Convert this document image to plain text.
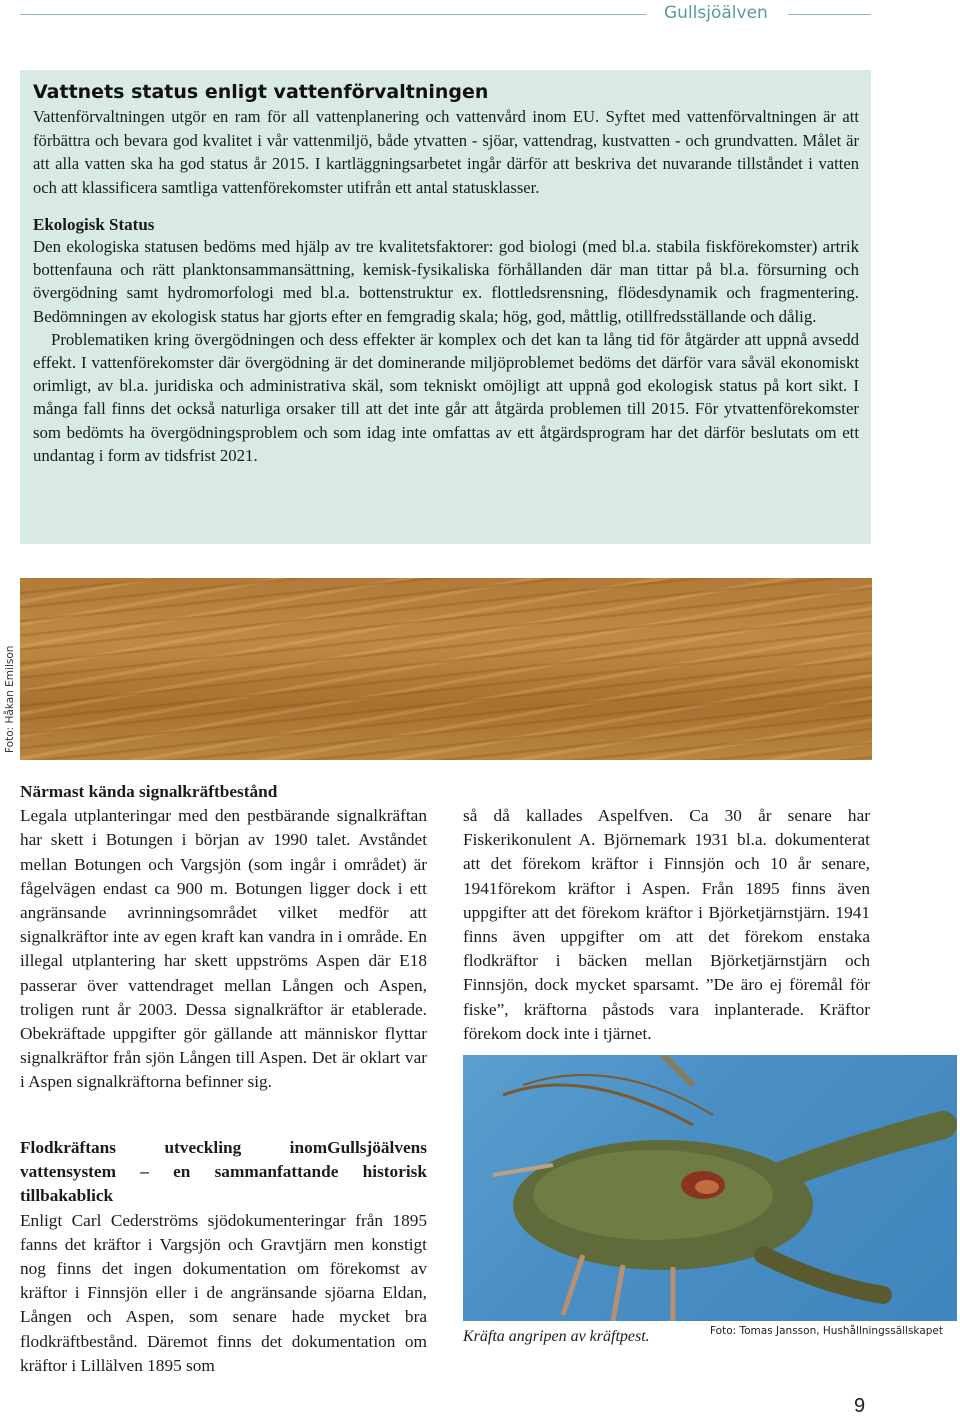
Gullsjöälven

Vattnets status enligt vattenförvaltningen

Vattenförvaltningen utgör en ram för all vattenplanering och vattenvård inom EU. Syftet med vattenförvaltningen är att förbättra och bevara god kvalitet i vår vattenmiljö, både ytvatten - sjöar, vattendrag, kustvatten - och grundvatten. Målet är att alla vatten ska ha god status år 2015. I kartläggningsarbetet ingår därför att beskriva det nuvarande tillståndet i vatten och att klassificera samtliga vattenförekomster utifrån ett antal statusklasser.

Ekologisk Status

Den ekologiska statusen bedöms med hjälp av tre kvalitetsfaktorer: god biologi (med bl.a. stabila fiskförekomster) artrik bottenfauna och rätt planktonsammansättning, kemisk-fysikaliska förhållanden där man tittar på bl.a. försurning och övergödning samt hydromorfologi med bl.a. bottenstruktur ex. flottledsrensning, flödesdynamik och fragmentering. Bedömningen av ekologisk status har gjorts efter en femgradig skala; hög, god, måttlig, otillfredsställande och dålig.

Problematiken kring övergödningen och dess effekter är komplex och det kan ta lång tid för åtgärder att uppnå avsedd effekt. I vattenförekomster där övergödning är det dominerande miljöproblemet bedöms det därför vara såväl ekonomiskt orimligt, av bl.a. juridiska och administrativa skäl, som tekniskt omöjligt att uppnå god ekologisk status på kort sikt. I många fall finns det också naturliga orsaker till att det inte går att åtgärda problemen till 2015. För ytvattenförekomster som bedömts ha övergödningsproblem och som idag inte omfattas av ett åtgärdsprogram har det därför beslutats om ett undantag i form av tidsfrist 2021.

Foto: Håkan Emilson

Närmast kända signalkräftbestånd

Legala utplanteringar med den pestbärande signalkräftan har skett i Botungen i början av 1990 talet. Avståndet mellan Botungen och Vargsjön (som ingår i området) är fågelvägen endast ca 900 m. Botungen ligger dock i ett angränsande avrinningsområdet vilket medför att signalkräftor inte av egen kraft kan vandra in i område. En illegal utplantering har skett uppströms Aspen där E18 passerar över vattendraget mellan Lången och Aspen, troligen runt år 2003. Dessa signalkräftor är etablerade. Obekräftade uppgifter gör gällande att människor flyttar signalkräftor från sjön Lången till Aspen. Det är oklart var i Aspen signalkräftorna befinner sig.

Flodkräftans utveckling inomGullsjöälvens vattensystem – en sammanfattande historisk tillbakablick

Enligt Carl Cederströms sjödokumenteringar från 1895 fanns det kräftor i Vargsjön och Gravtjärn men konstigt nog finns det ingen dokumentation om förekomst av kräftor i Finnsjön eller i de angränsande sjöarna Eldan, Lången och Aspen, som senare hade mycket bra flodkräftbestånd. Däremot finns det dokumentation om kräftor i Lillälven 1895 som

så då kallades Aspelfven. Ca 30 år senare har Fiskerikonulent A. Björnemark 1931 bl.a. dokumenterat att det förekom kräftor i Finnsjön och 10 år senare, 1941förekom kräftor i Aspen. Från 1895 finns även uppgifter att det förekom kräftor i Björketjärnstjärn. 1941 finns även uppgifter om att det förekom enstaka flodkräftor i bäcken mellan Björketjärnstjärn och Finnsjön, dock mycket sparsamt. ”De äro ej föremål för fiske”, kräftorna påstods vara inplanterade. Kräftor förekom dock inte i tjärnet.

Kräfta angripen av kräftpest.	Foto: Tomas Jansson, Hushållningssällskapet
9
